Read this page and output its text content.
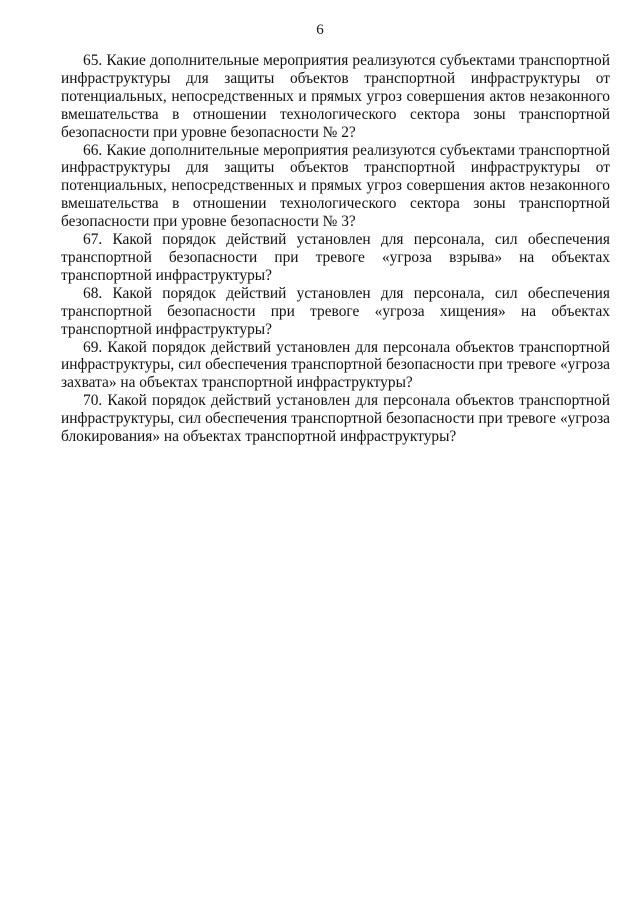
6

65. Какие дополнительные мероприятия реализуются субъектами транспортной инфраструктуры для защиты объектов транспортной инфраструктуры от потенциальных, непосредственных и прямых угроз совершения актов незаконного вмешательства в отношении технологического сектора зоны транспортной безопасности при уровне безопасности № 2?

66. Какие дополнительные мероприятия реализуются субъектами транспортной инфраструктуры для защиты объектов транспортной инфраструктуры от потенциальных, непосредственных и прямых угроз совершения актов незаконного вмешательства в отношении технологического сектора зоны транспортной безопасности при уровне безопасности № 3?

67. Какой порядок действий установлен для персонала, сил обеспечения транспортной безопасности при тревоге «угроза взрыва» на объектах транспортной инфраструктуры?

68. Какой порядок действий установлен для персонала, сил обеспечения транспортной безопасности при тревоге «угроза хищения» на объектах транспортной инфраструктуры?

69. Какой порядок действий установлен для персонала объектов транспортной инфраструктуры, сил обеспечения транспортной безопасности при тревоге «угроза захвата» на объектах транспортной инфраструктуры?

70. Какой порядок действий установлен для персонала объектов транспортной инфраструктуры, сил обеспечения транспортной безопасности при тревоге «угроза блокирования» на объектах транспортной инфраструктуры?
